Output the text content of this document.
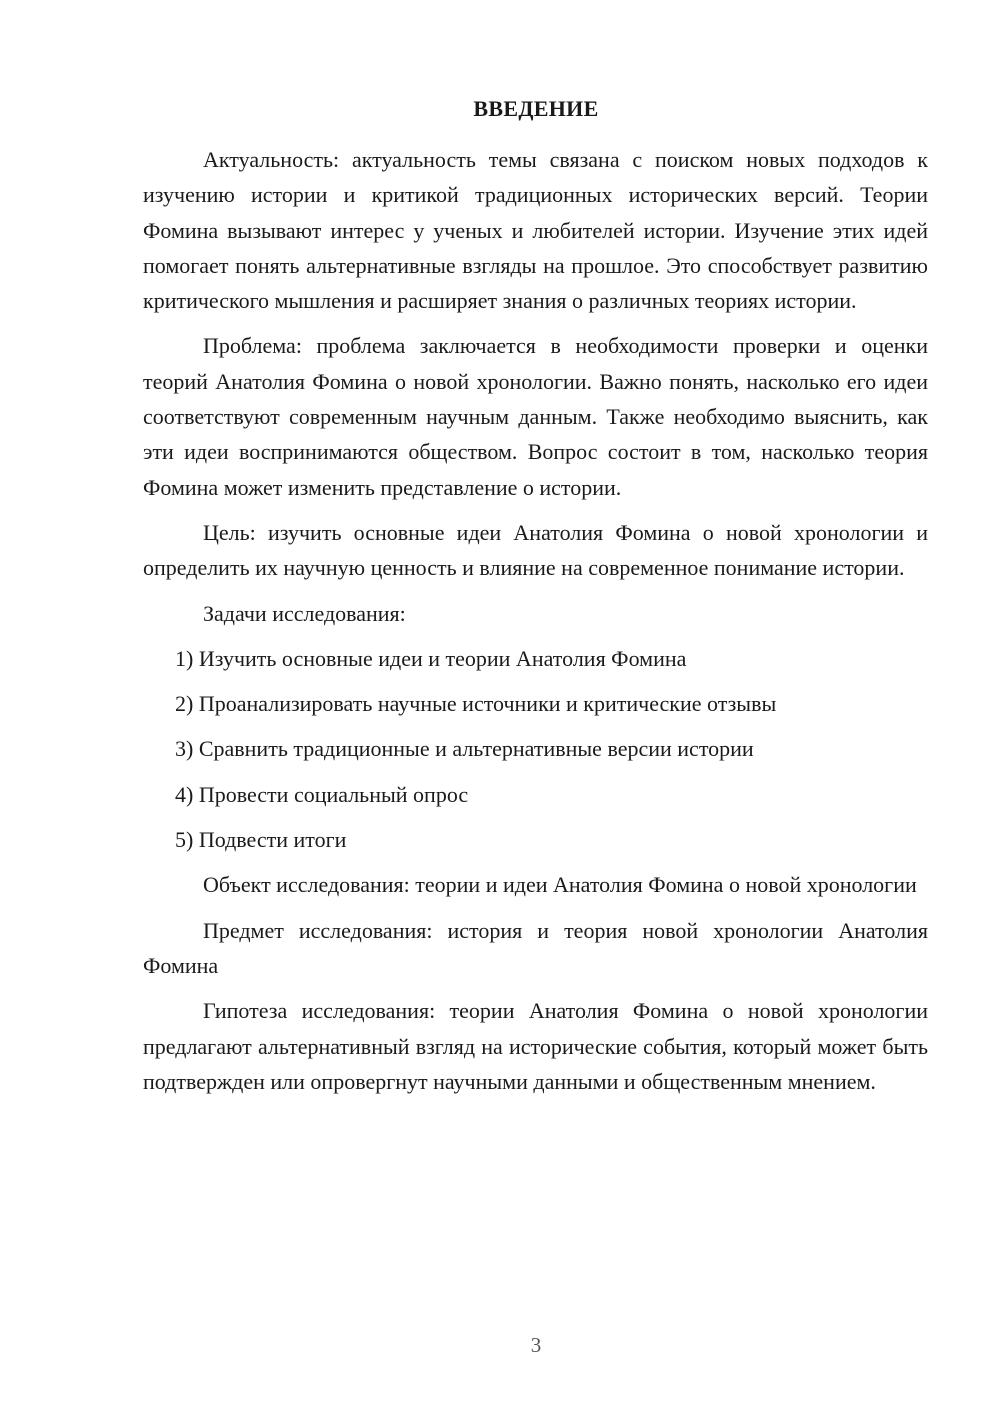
ВВЕДЕНИЕ

Актуальность: актуальность темы связана с поиском новых подходов к изучению истории и критикой традиционных исторических версий. Теории Фомина вызывают интерес у ученых и любителей истории. Изучение этих идей помогает понять альтернативные взгляды на прошлое. Это способствует развитию критического мышления и расширяет знания о различных теориях истории.

Проблема: проблема заключается в необходимости проверки и оценки теорий Анатолия Фомина о новой хронологии. Важно понять, насколько его идеи соответствуют современным научным данным. Также необходимо выяснить, как эти идеи воспринимаются обществом. Вопрос состоит в том, насколько теория Фомина может изменить представление о истории.

Цель: изучить основные идеи Анатолия Фомина о новой хронологии и определить их научную ценность и влияние на современное понимание истории.

Задачи исследования:

1) Изучить основные идеи и теории Анатолия Фомина

2) Проанализировать научные источники и критические отзывы

3) Сравнить традиционные и альтернативные версии истории

4) Провести социальный опрос

5) Подвести итоги

Объект исследования: теории и идеи Анатолия Фомина о новой хронологии

Предмет исследования: история и теория новой хронологии Анатолия Фомина

Гипотеза исследования: теории Анатолия Фомина о новой хронологии предлагают альтернативный взгляд на исторические события, который может быть подтвержден или опровергнут научными данными и общественным мнением.

3
